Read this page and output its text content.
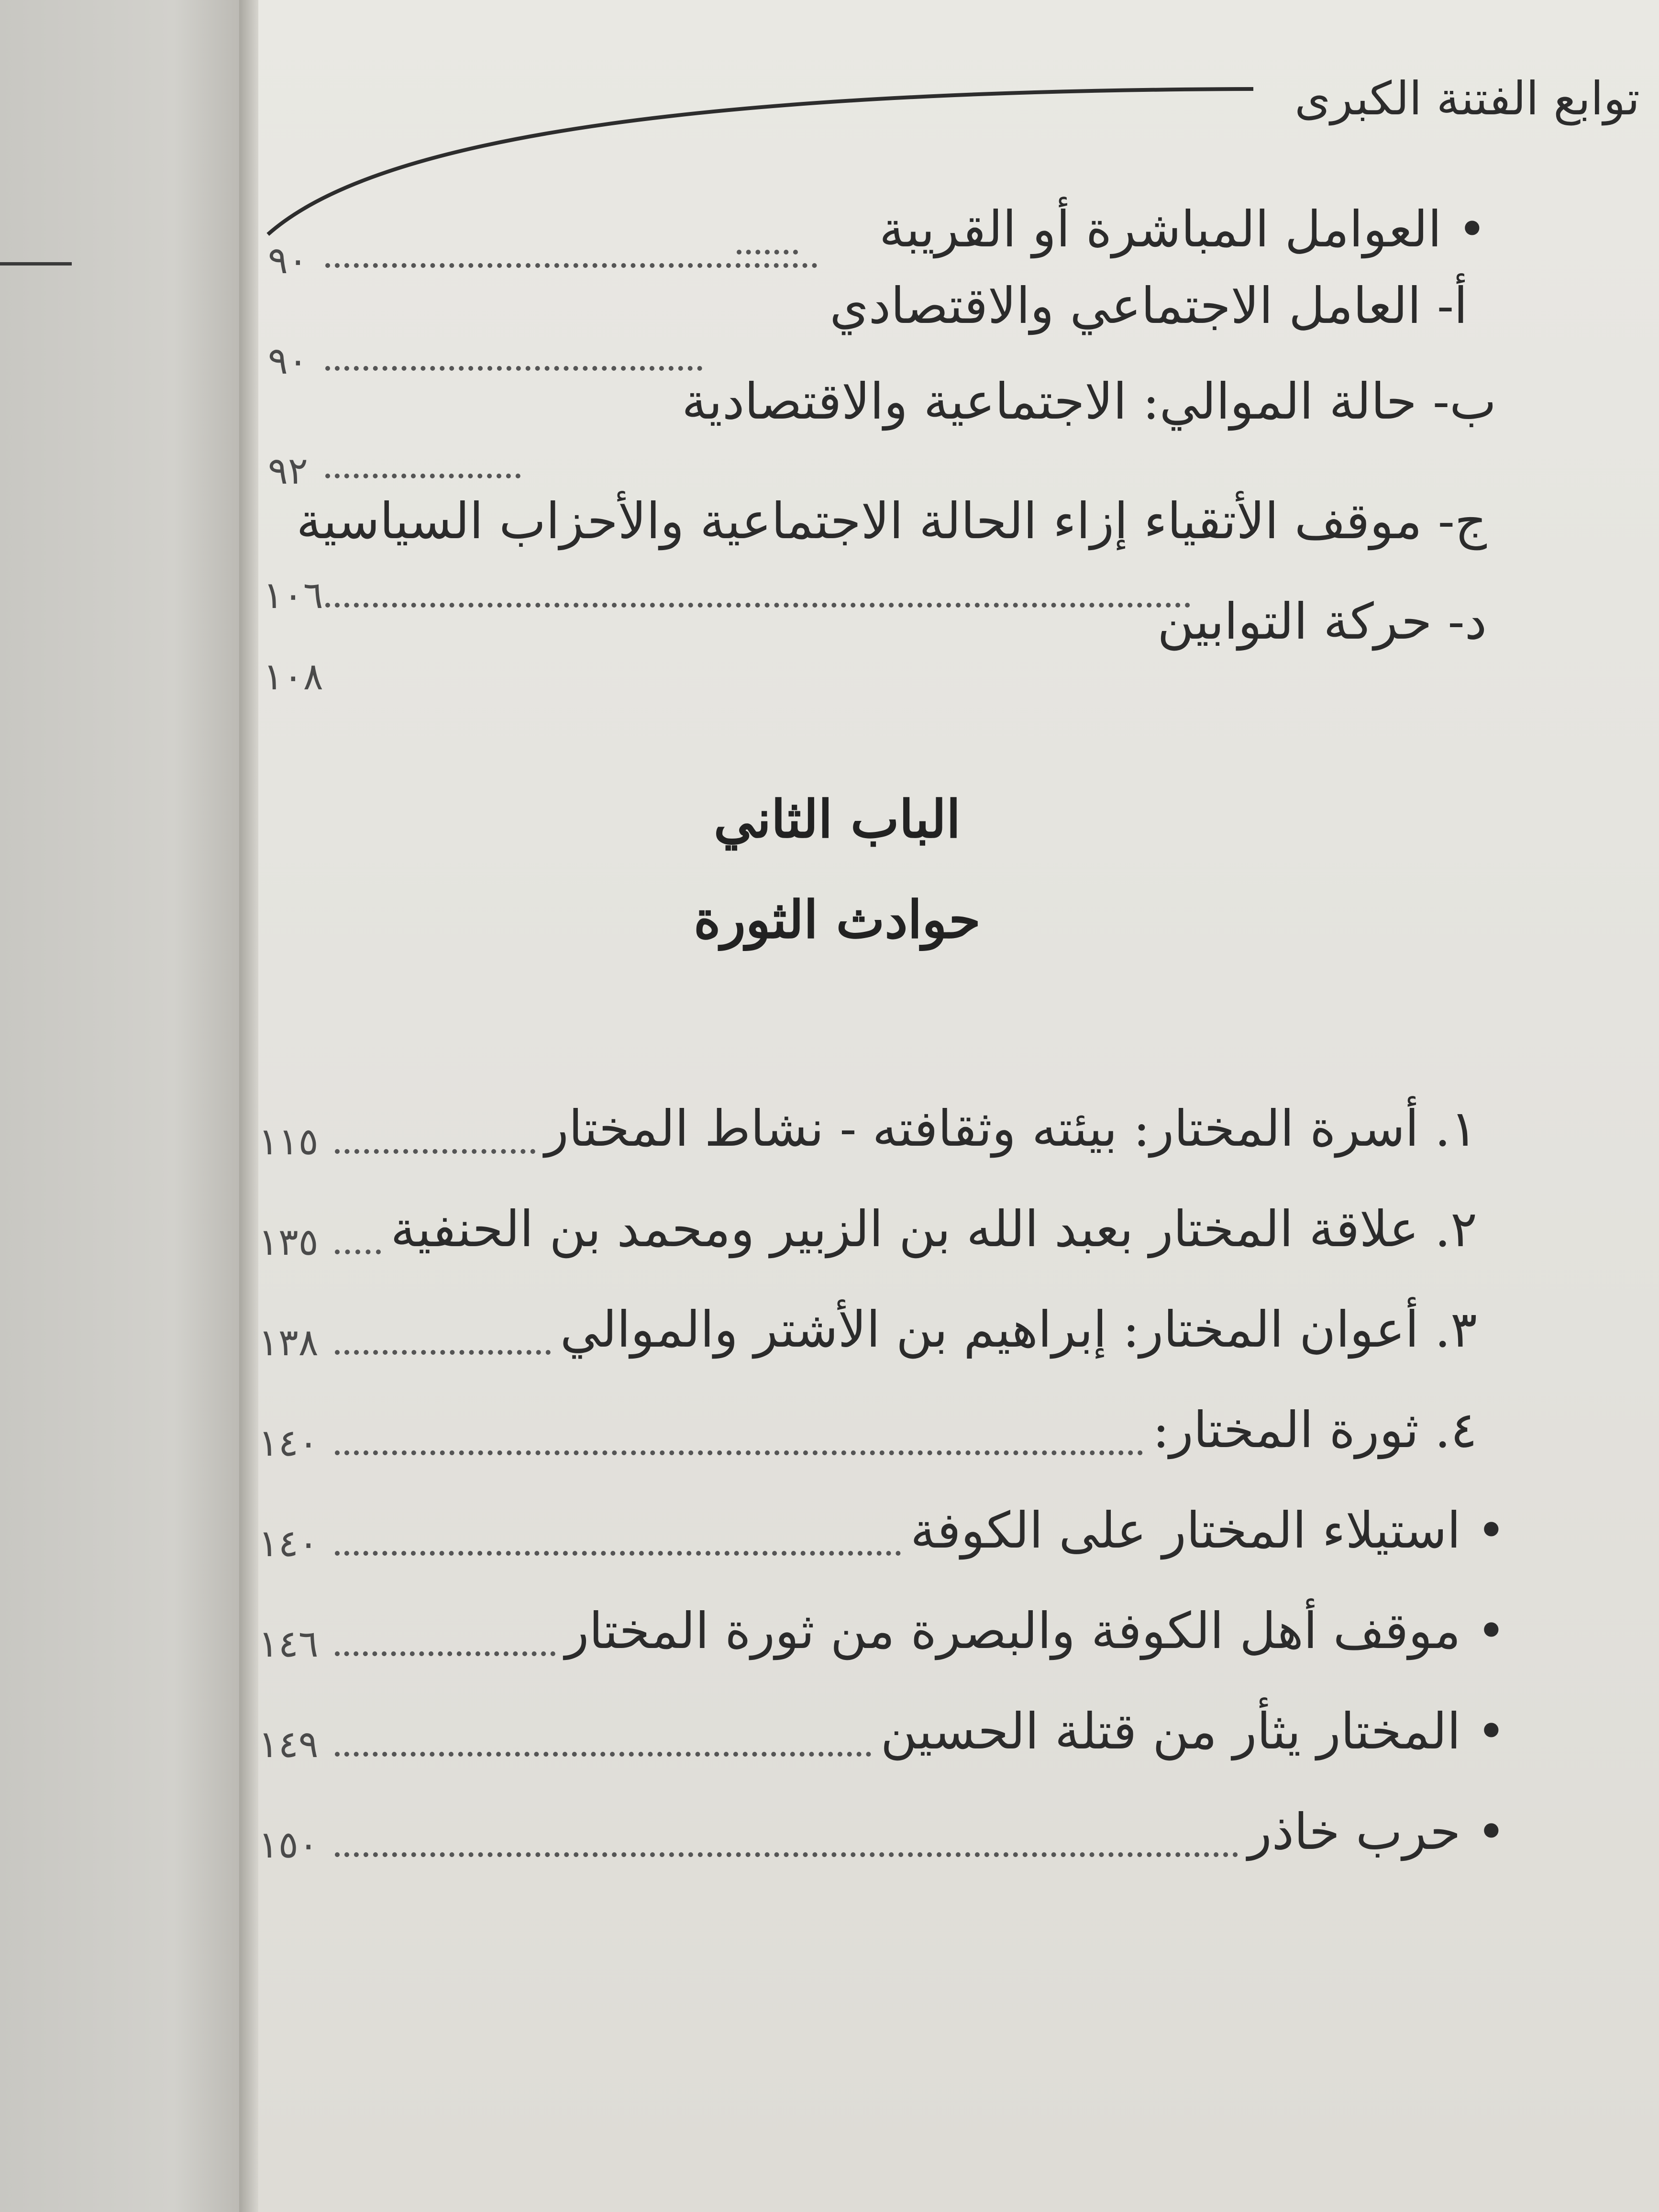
توابع الفتنة الكبرى
• العوامل المباشرة أو القريبة
أ- العامل الاجتماعي والاقتصادي
٩٠
ب- حالة الموالي: الاجتماعية والاقتصادية
٩٠
ج- موقف الأتقياء إزاء الحالة الاجتماعية والأحزاب السياسية
٩٢
د- حركة التوابين
١٠٦
١٠٨
الباب الثاني
حوادث الثورة
١. أسرة المختار: بيئته وثقافته - نشاط المختار
١١٥
٢. علاقة المختار بعبد الله بن الزبير ومحمد بن الحنفية
١٣٥
٣. أعوان المختار: إبراهيم بن الأشتر والموالي
١٣٨
٤. ثورة المختار:
١٤٠
• استيلاء المختار على الكوفة
١٤٠
• موقف أهل الكوفة والبصرة من ثورة المختار
١٤٦
• المختار يثأر من قتلة الحسين
١٤٩
• حرب خاذر
١٥٠
